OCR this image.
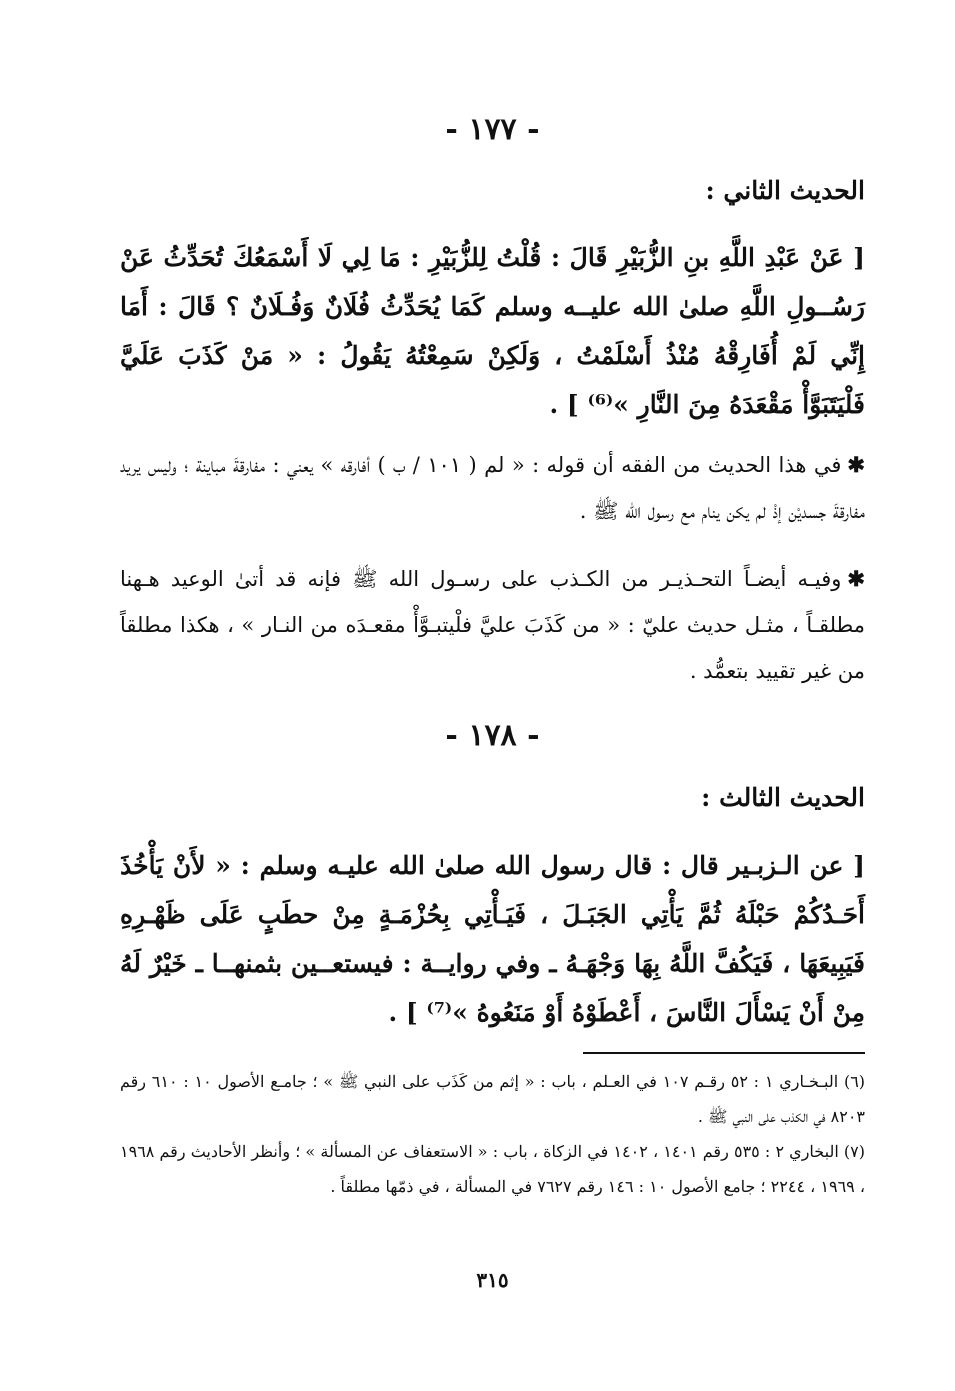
- ١٧٧ -
الحديث الثاني :
[ عَنْ عَبْدِ اللَّهِ بنِ الزُّبَيْرِ قَالَ : قُلْتُ لِلزُّبَيْرِ : مَا لِي لَا أَسْمَعُكَ تُحَدِّثُ عَنْ رَسُــولِ اللَّهِ صلىٰ الله عليــه وسلم كَمَا يُحَدِّثُ فُلَانٌ وَفُـلَانٌ ؟ قَالَ : أَمَا إِنِّي لَمْ أُفَارِقْهُ مُنْذُ أَسْلَمْتُ ، وَلَكِنْ سَمِعْتُهُ يَقُولُ : « مَنْ كَذَبَ عَلَيَّ فَلْيَتَبَوَّأْ مَقْعَدَهُ مِنَ النَّارِ »⁽⁶⁾ ] .
✱في هذا الحديث من الفقه أن قوله : « لم ( ١٠١ / ب ) أفارقه » يعني : مفارقةَ مباينة ؛ وليس يريد مفارقةَ جسديْن إذْ لم يكن ينام مع رسول الله ﷺ .
✱وفيـه أيضـاً التحـذيـر من الكـذب على رسـول الله ﷺ فإنه قد أتىٰ الوعيد هـهنا مطلقـاً ، مثـل حديث عليّ : « من كَذَبَ عليَّ فلْيتبـوَّأْ مقعـدَه من النـار » ، هكذا مطلقاً من غير تقييد بتعمُّد .
- ١٧٨ -
الحديث الثالث :
[ عن الـزبـير قال : قال رسول الله صلىٰ الله عليـه وسلم : « لأَنْ يَأْخُذَ أَحَـدُكُمْ حَبْلَهُ ثُمَّ يَأْتِي الجَبَـلَ ، فَيَـأْتِي بِحُزْمَـةٍ مِنْ حطَبٍ عَلَى ظَهْـرِهِ فَيَبِيعَهَا ، فَيَكُفَّ اللَّهُ بِهَا وَجْهَـهُ ـ وفي روايــة : فيستعــين بثمنهــا ـ خَيْرٌ لَهُ مِنْ أَنْ يَسْأَلَ النَّاسَ ، أَعْطَوْهُ أَوْ مَنَعُوهُ »⁽⁷⁾ ] .

(٦) البـخـاري ١ : ٥٢ رقـم ١٠٧ في العـلم ، باب : « إثم من كَذَب على النبي ﷺ » ؛ جامـع الأصول ١٠ : ٦١٠ رقم ٨٢٠٣ في الكذب على النبي ﷺ .

(٧) البخاري ٢ : ٥٣٥ رقم ١٤٠١ ، ١٤٠٢ في الزكاة ، باب : « الاستعفاف عن المسألة » ؛ وأنظر الأحاديث رقم ١٩٦٨ ، ١٩٦٩ ، ٢٢٤٤ ؛ جامع الأصول ١٠ : ١٤٦ رقم ٧٦٢٧ في المسألة ، في ذمّها مطلقاً .

٣١٥
